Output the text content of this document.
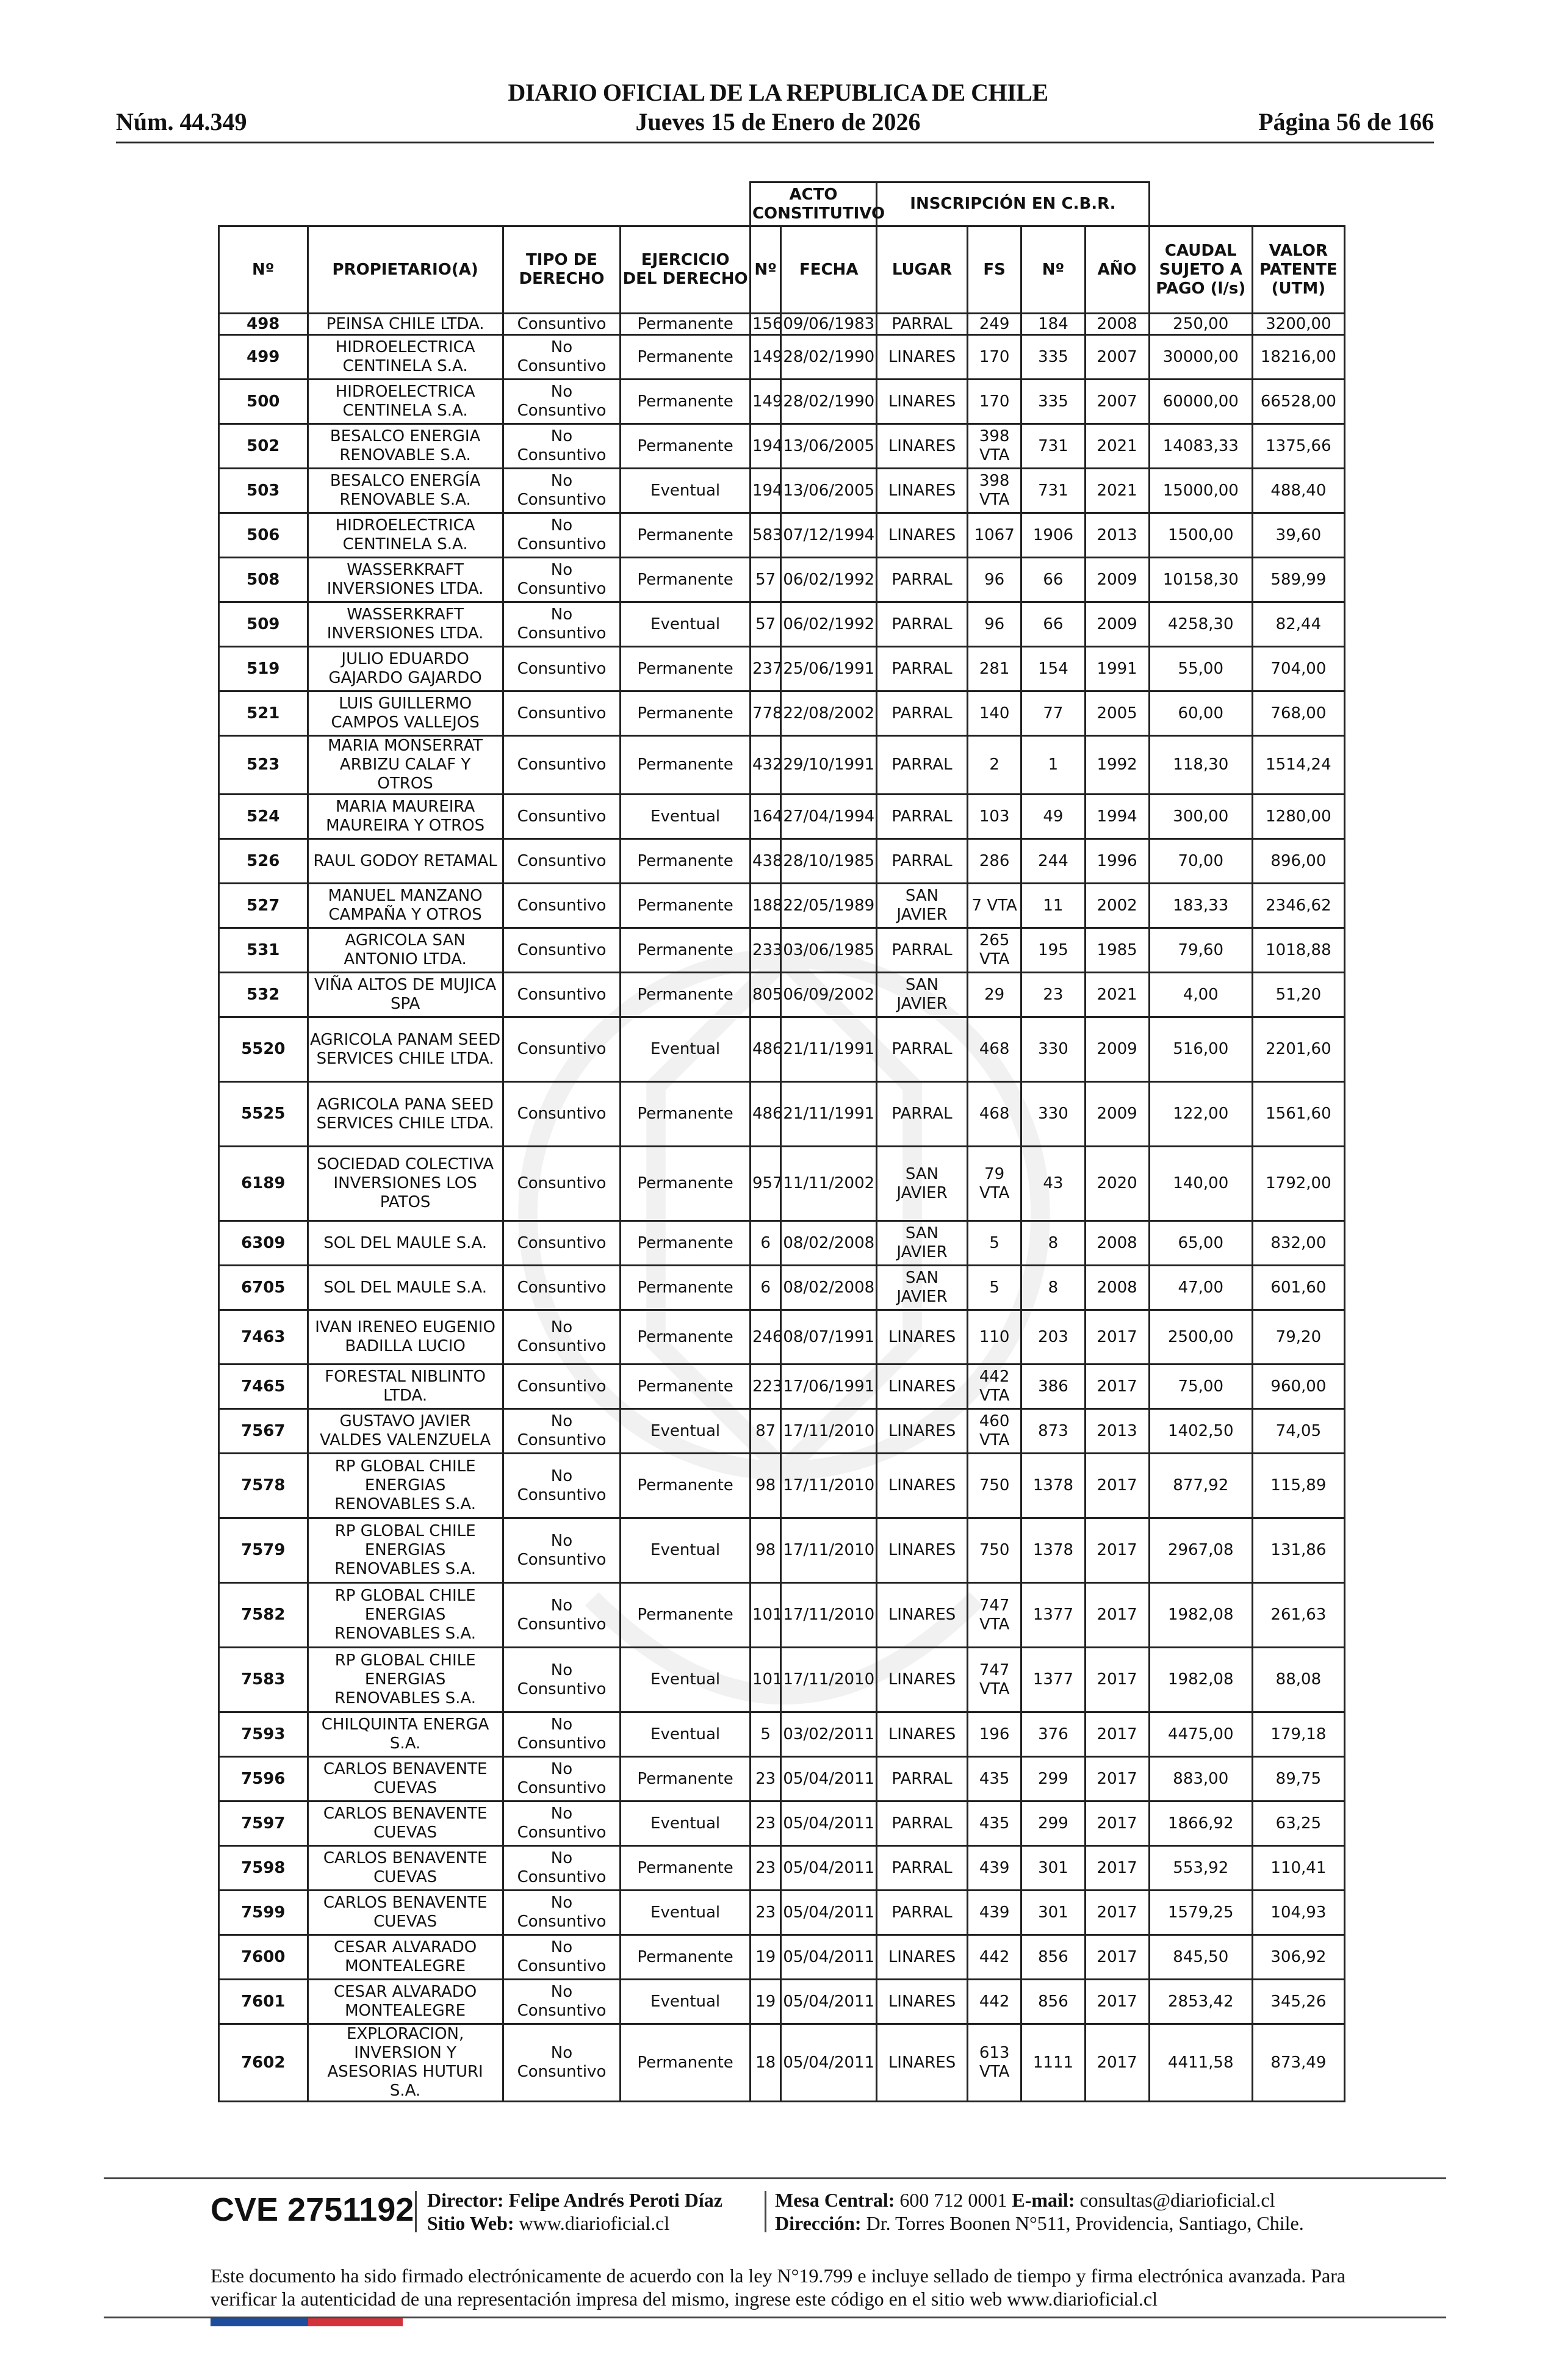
DIARIO OFICIAL DE LA REPUBLICA DE CHILE
Núm. 44.349	Jueves 15 de Enero de 2026	Página 56 de 166
				ACTO CONSTITUTIVO		INSCRIPCIÓN EN C.B.R.					
Nº	PROPIETARIO(A)	TIPO DE DERECHO	EJERCICIO DEL DERECHO	Nº	FECHA	LUGAR	FS	Nº	AÑO	CAUDAL SUJETO A PAGO (l/s)	VALOR PATENTE (UTM)
498	PEINSA CHILE LTDA.	Consuntivo	Permanente	156	09/06/1983	PARRAL	249	184	2008	250,00	3200,00
499	HIDROELECTRICA CENTINELA S.A.	No Consuntivo	Permanente	149	28/02/1990	LINARES	170	335	2007	30000,00	18216,00
500	HIDROELECTRICA CENTINELA S.A.	No Consuntivo	Permanente	149	28/02/1990	LINARES	170	335	2007	60000,00	66528,00
502	BESALCO ENERGIA RENOVABLE S.A.	No Consuntivo	Permanente	194	13/06/2005	LINARES	398 VTA	731	2021	14083,33	1375,66
503	BESALCO ENERGÍA RENOVABLE S.A.	No Consuntivo	Eventual	194	13/06/2005	LINARES	398 VTA	731	2021	15000,00	488,40
506	HIDROELECTRICA CENTINELA S.A.	No Consuntivo	Permanente	583	07/12/1994	LINARES	1067	1906	2013	1500,00	39,60
508	WASSERKRAFT INVERSIONES LTDA.	No Consuntivo	Permanente	57	06/02/1992	PARRAL	96	66	2009	10158,30	589,99
509	WASSERKRAFT INVERSIONES LTDA.	No Consuntivo	Eventual	57	06/02/1992	PARRAL	96	66	2009	4258,30	82,44
519	JULIO EDUARDO GAJARDO GAJARDO	Consuntivo	Permanente	237	25/06/1991	PARRAL	281	154	1991	55,00	704,00
521	LUIS GUILLERMO CAMPOS VALLEJOS	Consuntivo	Permanente	778	22/08/2002	PARRAL	140	77	2005	60,00	768,00
523	MARIA MONSERRAT ARBIZU CALAF Y OTROS	Consuntivo	Permanente	432	29/10/1991	PARRAL	2	1	1992	118,30	1514,24
524	MARIA MAUREIRA MAUREIRA Y OTROS	Consuntivo	Eventual	164	27/04/1994	PARRAL	103	49	1994	300,00	1280,00
526	RAUL GODOY RETAMAL	Consuntivo	Permanente	438	28/10/1985	PARRAL	286	244	1996	70,00	896,00
527	MANUEL MANZANO CAMPAÑA Y OTROS	Consuntivo	Permanente	188	22/05/1989	SAN JAVIER	7 VTA	11	2002	183,33	2346,62
531	AGRICOLA SAN ANTONIO LTDA.	Consuntivo	Permanente	233	03/06/1985	PARRAL	265 VTA	195	1985	79,60	1018,88
532	VIÑA ALTOS DE MUJICA SPA	Consuntivo	Permanente	805	06/09/2002	SAN JAVIER	29	23	2021	4,00	51,20
5520	AGRICOLA PANAM SEED SERVICES CHILE LTDA.	Consuntivo	Eventual	486	21/11/1991	PARRAL	468	330	2009	516,00	2201,60
5525	AGRICOLA PANA SEED SERVICES CHILE LTDA.	Consuntivo	Permanente	486	21/11/1991	PARRAL	468	330	2009	122,00	1561,60
6189	SOCIEDAD COLECTIVA INVERSIONES LOS PATOS	Consuntivo	Permanente	957	11/11/2002	SAN JAVIER	79 VTA	43	2020	140,00	1792,00
6309	SOL DEL MAULE S.A.	Consuntivo	Permanente	6	08/02/2008	SAN JAVIER	5	8	2008	65,00	832,00
6705	SOL DEL MAULE S.A.	Consuntivo	Permanente	6	08/02/2008	SAN JAVIER	5	8	2008	47,00	601,60
7463	IVAN IRENEO EUGENIO BADILLA LUCIO	No Consuntivo	Permanente	246	08/07/1991	LINARES	110	203	2017	2500,00	79,20
7465	FORESTAL NIBLINTO LTDA.	Consuntivo	Permanente	223	17/06/1991	LINARES	442 VTA	386	2017	75,00	960,00
7567	GUSTAVO JAVIER VALDES VALENZUELA	No Consuntivo	Eventual	87	17/11/2010	LINARES	460 VTA	873	2013	1402,50	74,05
7578	RP GLOBAL CHILE ENERGIAS RENOVABLES S.A.	No Consuntivo	Permanente	98	17/11/2010	LINARES	750	1378	2017	877,92	115,89
7579	RP GLOBAL CHILE ENERGIAS RENOVABLES S.A.	No Consuntivo	Eventual	98	17/11/2010	LINARES	750	1378	2017	2967,08	131,86
7582	RP GLOBAL CHILE ENERGIAS RENOVABLES S.A.	No Consuntivo	Permanente	101	17/11/2010	LINARES	747 VTA	1377	2017	1982,08	261,63
7583	RP GLOBAL CHILE ENERGIAS RENOVABLES S.A.	No Consuntivo	Eventual	101	17/11/2010	LINARES	747 VTA	1377	2017	1982,08	88,08
7593	CHILQUINTA ENERGA S.A.	No Consuntivo	Eventual	5	03/02/2011	LINARES	196	376	2017	4475,00	179,18
7596	CARLOS BENAVENTE CUEVAS	No Consuntivo	Permanente	23	05/04/2011	PARRAL	435	299	2017	883,00	89,75
7597	CARLOS BENAVENTE CUEVAS	No Consuntivo	Eventual	23	05/04/2011	PARRAL	435	299	2017	1866,92	63,25
7598	CARLOS BENAVENTE CUEVAS	No Consuntivo	Permanente	23	05/04/2011	PARRAL	439	301	2017	553,92	110,41
7599	CARLOS BENAVENTE CUEVAS	No Consuntivo	Eventual	23	05/04/2011	PARRAL	439	301	2017	1579,25	104,93
7600	CESAR ALVARADO MONTEALEGRE	No Consuntivo	Permanente	19	05/04/2011	LINARES	442	856	2017	845,50	306,92
7601	CESAR ALVARADO MONTEALEGRE	No Consuntivo	Eventual	19	05/04/2011	LINARES	442	856	2017	2853,42	345,26
7602	EXPLORACION, INVERSION Y ASESORIAS HUTURI S.A.	No Consuntivo	Permanente	18	05/04/2011	LINARES	613 VTA	1111	2017	4411,58	873,49
CVE 2751192 Director: Felipe Andrés Peroti Díaz
Sitio Web: www.diarioficial.cl
Mesa Central: 600 712 0001 E-mail: consultas@diarioficial.cl
Dirección: Dr. Torres Boonen N°511, Providencia, Santiago, Chile.
Este documento ha sido firmado electrónicamente de acuerdo con la ley N°19.799 e incluye sellado de tiempo y firma electrónica avanzada. Para verificar la autenticidad de una representación impresa del mismo, ingrese este código en el sitio web www.diarioficial.cl
